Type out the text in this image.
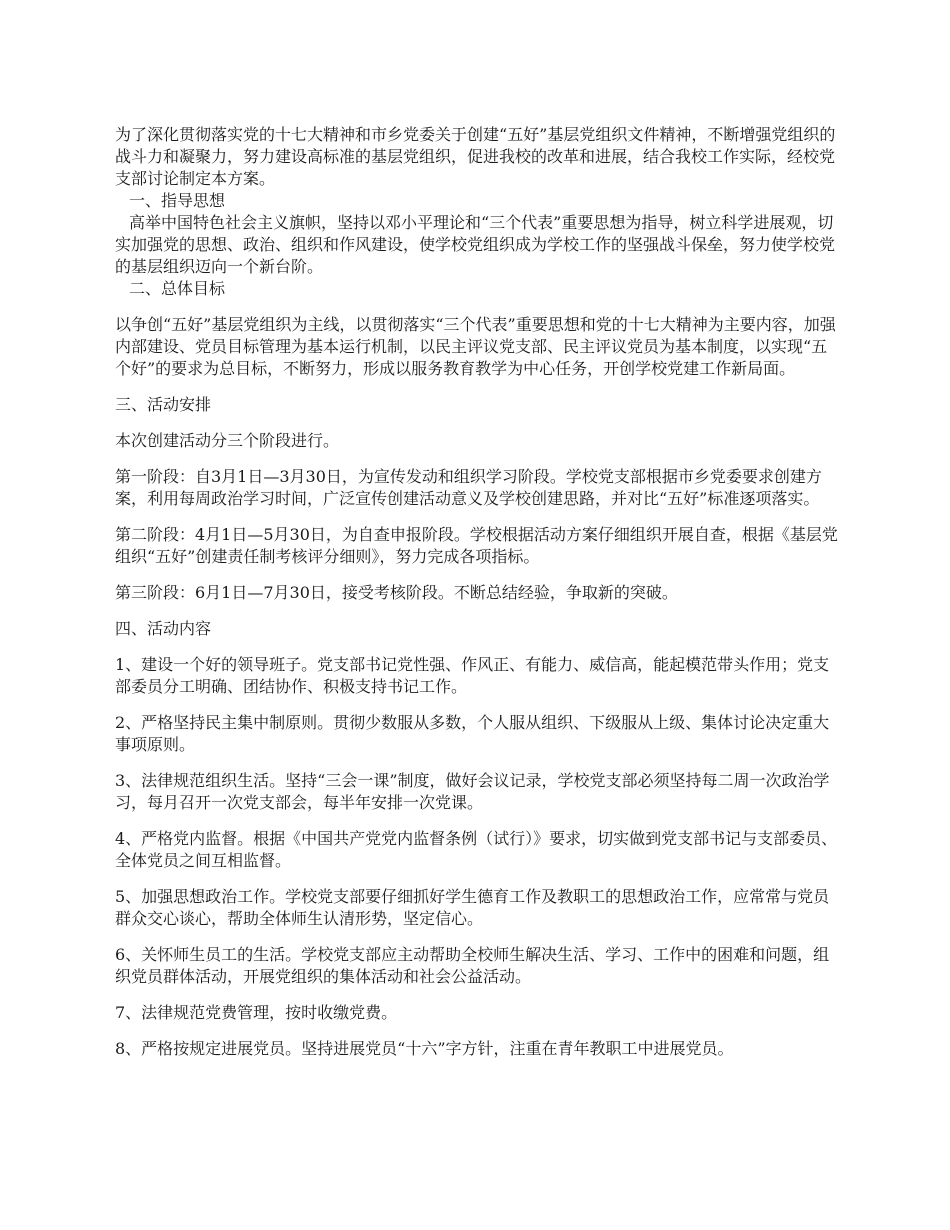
为了深化贯彻落实党的十七大精神和市乡党委关于创建“五好”基层党组织文件精神，不断增强党组织的战斗力和凝聚力，努力建设高标准的基层党组织，促进我校的改革和进展，结合我校工作实际，经校党支部讨论制定本方案。

一、指导思想

高举中国特色社会主义旗帜，坚持以邓小平理论和“三个代表”重要思想为指导，树立科学进展观，切实加强党的思想、政治、组织和作风建设，使学校党组织成为学校工作的坚强战斗保垒，努力使学校党的基层组织迈向一个新台阶。

二、总体目标

以争创“五好”基层党组织为主线，以贯彻落实“三个代表”重要思想和党的十七大精神为主要内容，加强内部建设、党员目标管理为基本运行机制，以民主评议党支部、民主评议党员为基本制度，以实现“五个好”的要求为总目标，不断努力，形成以服务教育教学为中心任务，开创学校党建工作新局面。

三、活动安排

本次创建活动分三个阶段进行。

第一阶段：自3月1日—3月30日，为宣传发动和组织学习阶段。学校党支部根据市乡党委要求创建方案，利用每周政治学习时间，广泛宣传创建活动意义及学校创建思路，并对比“五好”标准逐项落实。

第二阶段：4月1日—5月30日，为自查申报阶段。学校根据活动方案仔细组织开展自查，根据《基层党组织“五好”创建责任制考核评分细则》，努力完成各项指标。

第三阶段：6月1日—7月30日，接受考核阶段。不断总结经验，争取新的突破。

四、活动内容

1、建设一个好的领导班子。党支部书记党性强、作风正、有能力、威信高，能起模范带头作用；党支部委员分工明确、团结协作、积极支持书记工作。

2、严格坚持民主集中制原则。贯彻少数服从多数，个人服从组织、下级服从上级、集体讨论决定重大事项原则。

3、法律规范组织生活。坚持“三会一课”制度，做好会议记录，学校党支部必须坚持每二周一次政治学习，每月召开一次党支部会，每半年安排一次党课。

4、严格党内监督。根据《中国共产党党内监督条例（试行）》要求，切实做到党支部书记与支部委员、全体党员之间互相监督。

5、加强思想政治工作。学校党支部要仔细抓好学生德育工作及教职工的思想政治工作，应常常与党员群众交心谈心，帮助全体师生认清形势，坚定信心。

6、关怀师生员工的生活。学校党支部应主动帮助全校师生解决生活、学习、工作中的困难和问题，组织党员群体活动，开展党组织的集体活动和社会公益活动。

7、法律规范党费管理，按时收缴党费。

8、严格按规定进展党员。坚持进展党员“十六”字方针，注重在青年教职工中进展党员。
